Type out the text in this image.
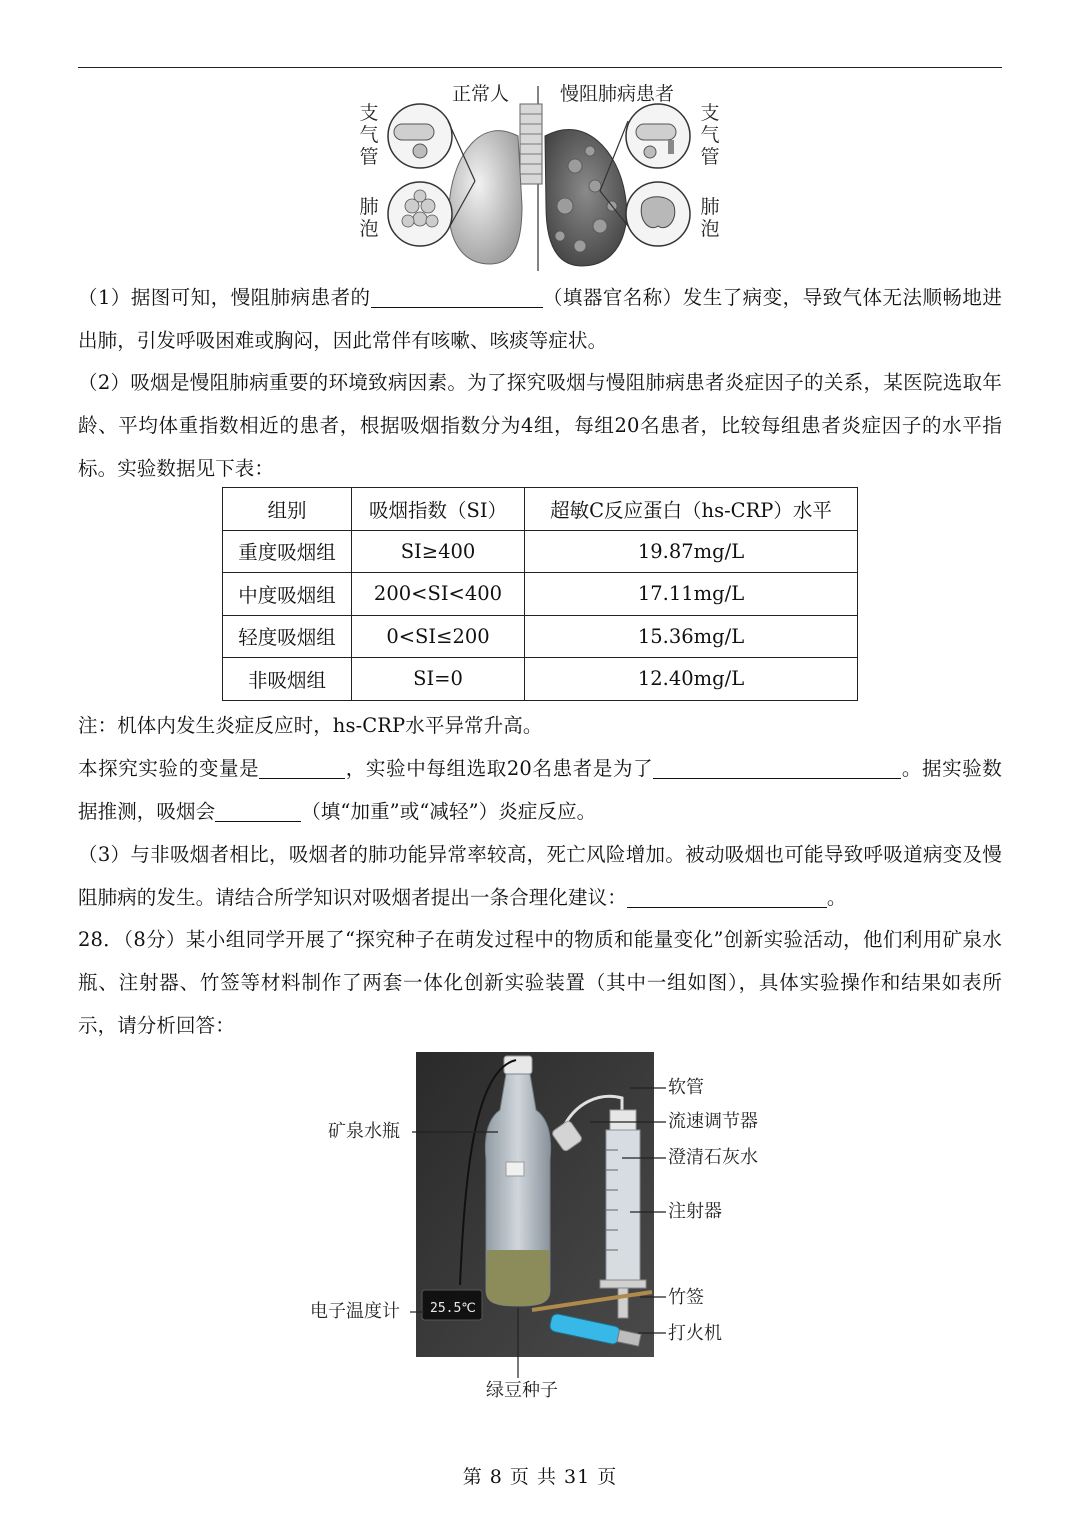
正常人	慢阻肺病患者
支气管
肺泡
支气管
肺泡
（1）据图可知，慢阻肺病患者的	（填器官名称）发生了病变，导致气体无法顺畅地进出肺，引发呼吸困难或胸闷，因此常伴有咳嗽、咳痰等症状。
（2）吸烟是慢阻肺病重要的环境致病因素。为了探究吸烟与慢阻肺病患者炎症因子的关系，某医院选取年龄、平均体重指数相近的患者，根据吸烟指数分为4组，每组20名患者，比较每组患者炎症因子的水平指标。实验数据见下表：
组别	吸烟指数（SI）	超敏C反应蛋白（hs-CRP）水平
重度吸烟组	SI≥400	19.87mg/L
中度吸烟组	200<SI<400	17.11mg/L
轻度吸烟组	0<SI≤200	15.36mg/L
非吸烟组	SI=0	12.40mg/L
注：机体内发生炎症反应时，hs-CRP水平异常升高。
本探究实验的变量是	，实验中每组选取20名患者是为了	。据实验数据推测，吸烟会	（填“加重”或“减轻”）炎症反应。
（3）与非吸烟者相比，吸烟者的肺功能异常率较高，死亡风险增加。被动吸烟也可能导致呼吸道病变及慢阻肺病的发生。请结合所学知识对吸烟者提出一条合理化建议：	。
28．（8分）某小组同学开展了“探究种子在萌发过程中的物质和能量变化”创新实验活动，他们利用矿泉水瓶、注射器、竹签等材料制作了两套一体化创新实验装置（其中一组如图），具体实验操作和结果如表所示，请分析回答：
25.5℃
矿泉水瓶
软管
流速调节器
澄清石灰水
注射器
竹签
打火机
电子温度计
绿豆种子
第 8 页 共 31 页
